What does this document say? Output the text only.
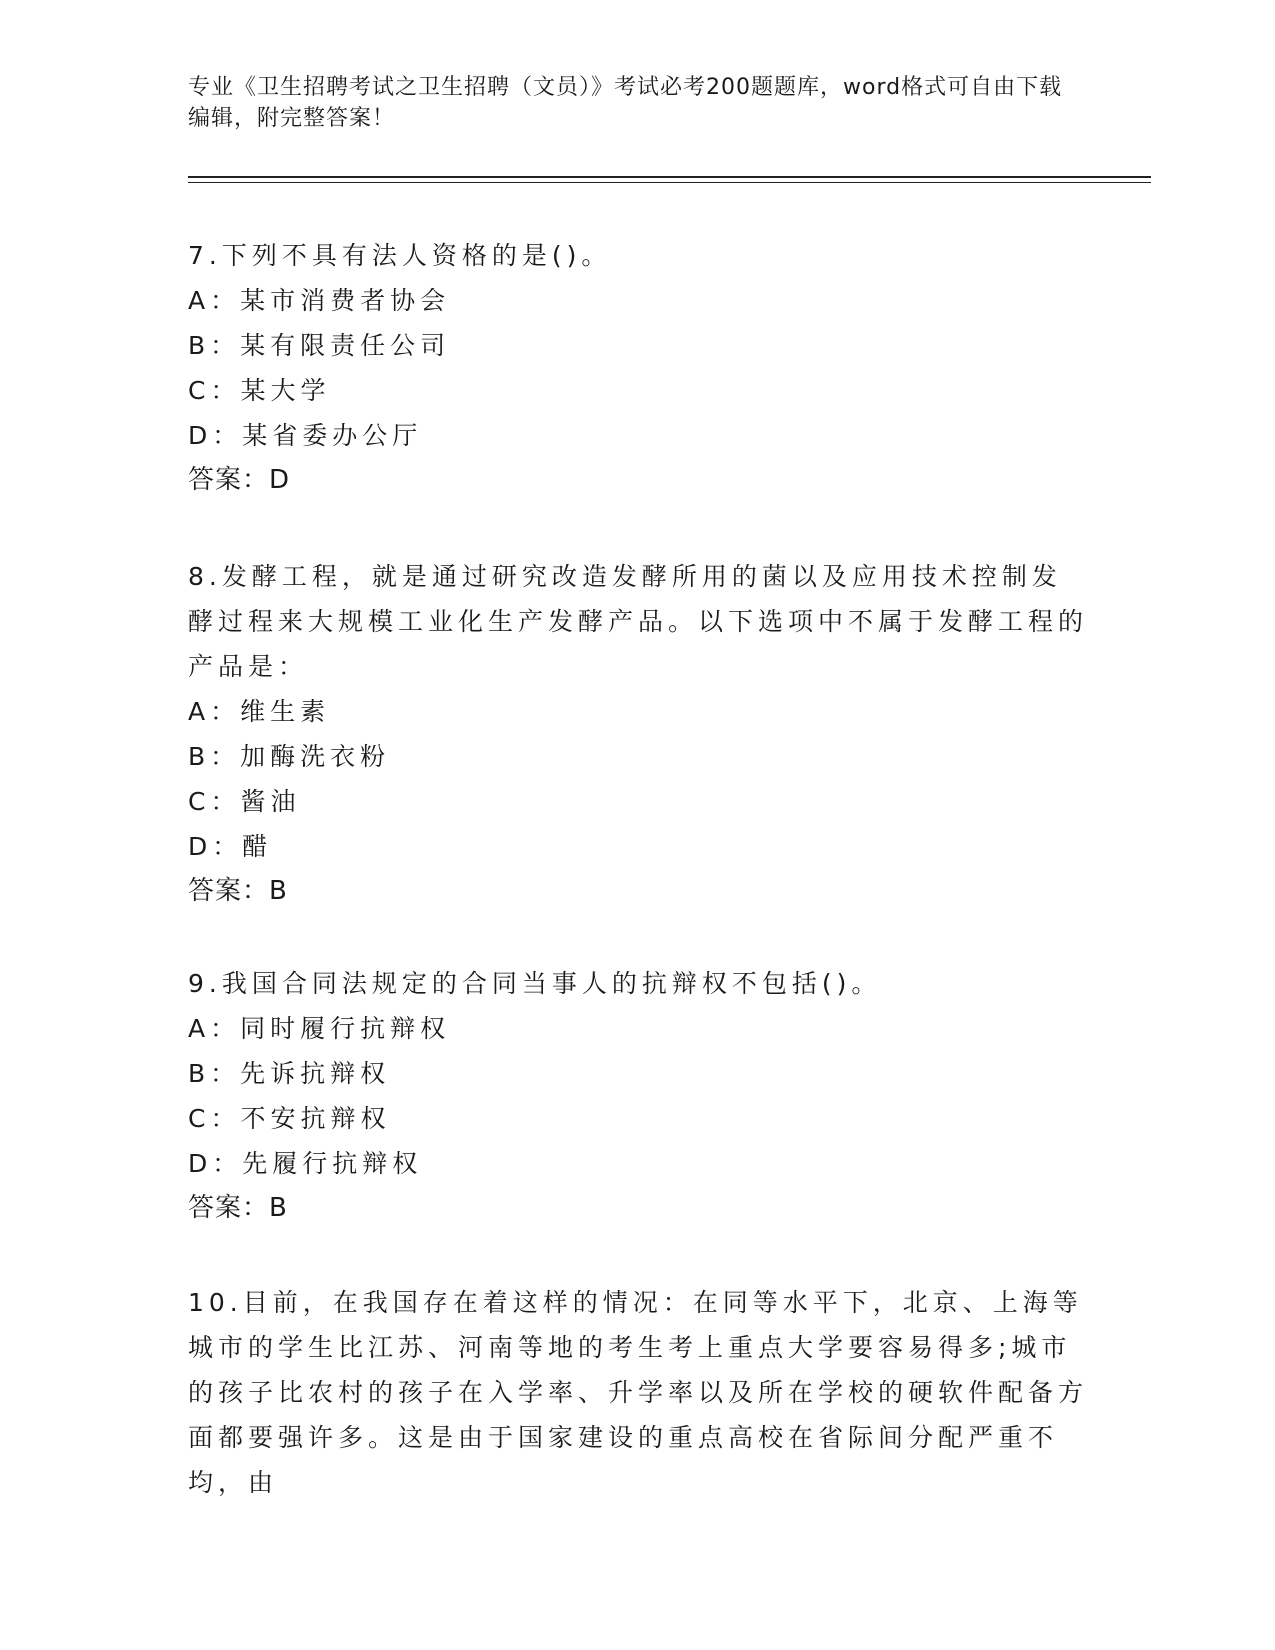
专业《卫生招聘考试之卫生招聘（文员）》考试必考200题题库，word格式可自由下载编辑，附完整答案！
7.下列不具有法人资格的是()。
A：某市消费者协会
B：某有限责任公司
C：某大学
D：某省委办公厅
答案：D
8.发酵工程，就是通过研究改造发酵所用的菌以及应用技术控制发酵过程来大规模工业化生产发酵产品。以下选项中不属于发酵工程的产品是：
A：维生素
B：加酶洗衣粉
C：酱油
D：醋
答案：B
9.我国合同法规定的合同当事人的抗辩权不包括()。
A：同时履行抗辩权
B：先诉抗辩权
C：不安抗辩权
D：先履行抗辩权
答案：B
10.目前，在我国存在着这样的情况：在同等水平下，北京、上海等城市的学生比江苏、河南等地的考生考上重点大学要容易得多;城市的孩子比农村的孩子在入学率、升学率以及所在学校的硬软件配备方面都要强许多。这是由于国家建设的重点高校在省际间分配严重不均，由
